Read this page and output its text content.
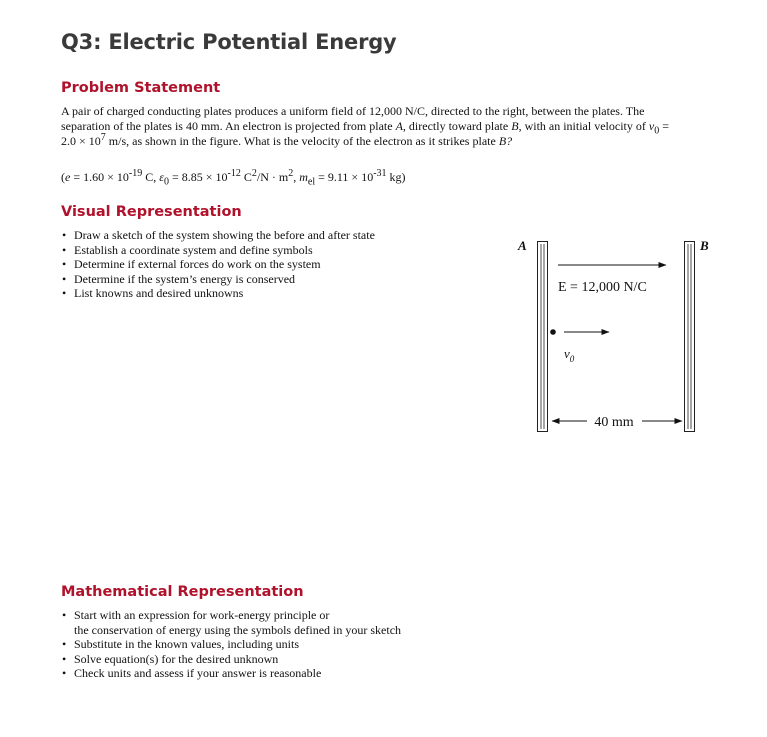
Q3: Electric Potential Energy
Problem Statement

A pair of charged conducting plates produces a uniform field of 12,000 N/C, directed to the right, between the plates. The separation of the plates is 40 mm. An electron is projected from plate A, directly toward plate B, with an initial velocity of $v_0 = 2.0 \times 10^7$ m/s, as shown in the figure. What is the velocity of the electron as it strikes plate B?

($e = 1.60 \times 10^{-19}$ C, $\varepsilon_0 = 8.85 \times 10^{-12}$ $C^2/N \cdot m^2$, $m_{el} = 9.11 \times 10^{-31}$ kg)

Visual Representation
• Draw a sketch of the system showing the before and after state
• Establish a coordinate system and define symbols
• Determine if external forces do work on the system
• Determine if the system’s energy is conserved
• List knowns and desired unknowns
A	B
E = 12,000 N/C
$v_0$
40 mm
Mathematical Representation
• Start with an expression for work-energy principle or
the conservation of energy using the symbols defined in your sketch
• Substitute in the known values, including units
• Solve equation(s) for the desired unknown
• Check units and assess if your answer is reasonable
